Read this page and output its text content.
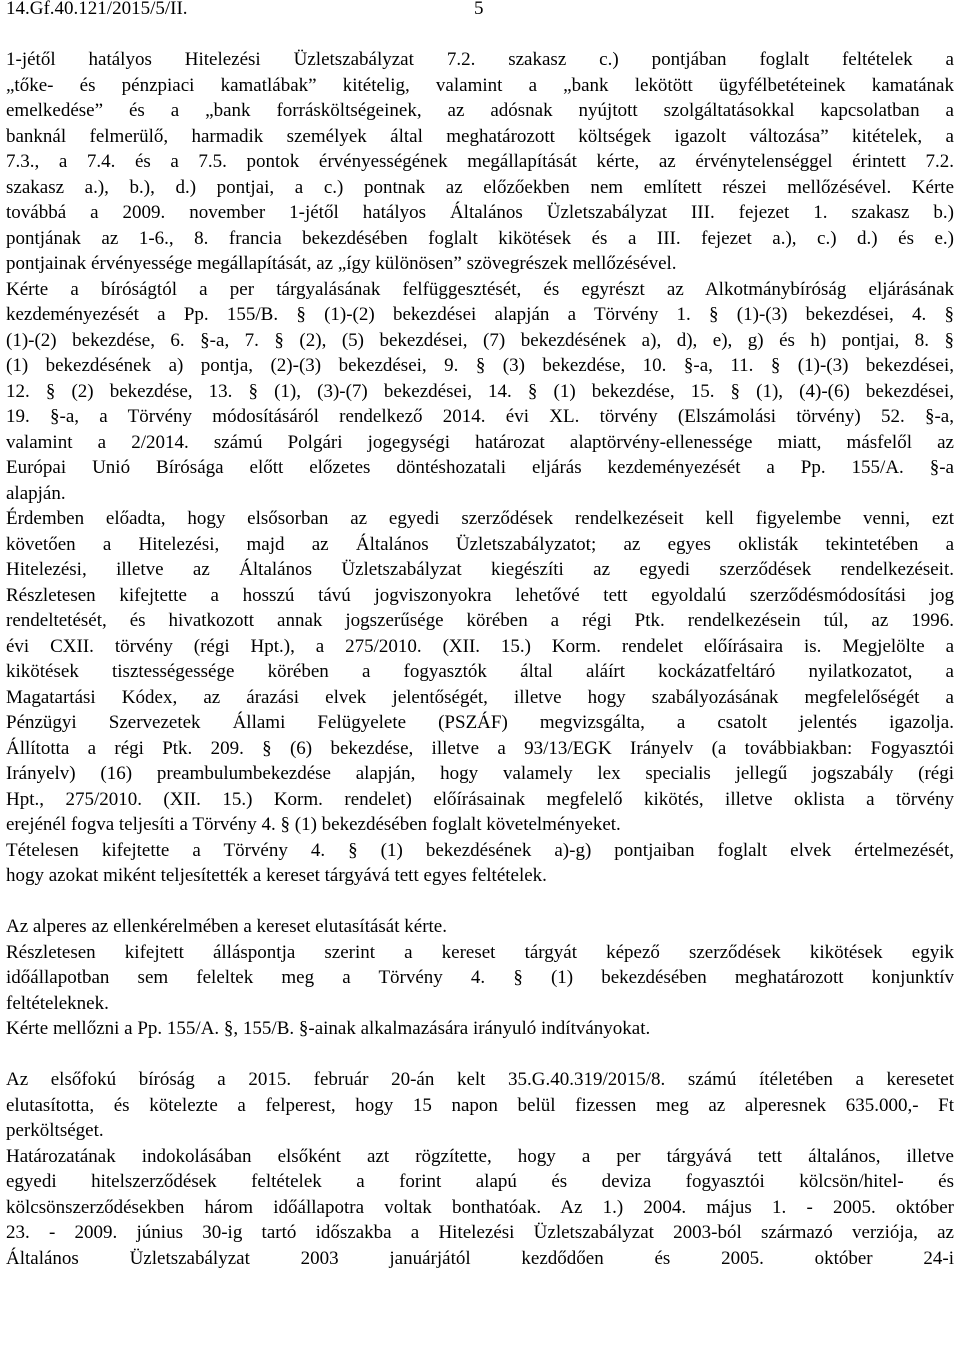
14.Gf.40.121/2015/5/II.	5
1-jétől hatályos Hitelezési Üzletszabályzat 7.2. szakasz c.) pontjában foglalt feltételek a
„tőke- és pénzpiaci kamatlábak” kitételig, valamint a „bank lekötött ügyfélbetéteinek kamatának
emelkedése” és a „bank forrásköltségeinek, az adósnak nyújtott szolgáltatásokkal kapcsolatban a
banknál felmerülő, harmadik személyek által meghatározott költségek igazolt változása” kitételek, a
7.3., a 7.4. és a 7.5. pontok érvényességének megállapítását kérte, az érvénytelenséggel érintett 7.2.
szakasz a.), b.), d.) pontjai, a c.) pontnak az előzőekben nem említett részei mellőzésével. Kérte
továbbá a 2009. november 1-jétől hatályos Általános Üzletszabályzat III. fejezet 1. szakasz b.)
pontjának az 1-6., 8. francia bekezdésében foglalt kikötések és a III. fejezet a.), c.) d.) és e.)
pontjainak érvényessége megállapítását, az „így különösen” szövegrészek mellőzésével.
Kérte a bíróságtól a per tárgyalásának felfüggesztését, és egyrészt az Alkotmánybíróság eljárásának
kezdeményezését a Pp. 155/B. § (1)-(2) bekezdései alapján a Törvény 1. § (1)-(3) bekezdései, 4. §
(1)-(2) bekezdése, 6. §-a, 7. § (2), (5) bekezdései, (7) bekezdésének a), d), e), g) és h) pontjai, 8. §
(1) bekezdésének a) pontja, (2)-(3) bekezdései, 9. § (3) bekezdése, 10. §-a, 11. § (1)-(3) bekezdései,
12. § (2) bekezdése, 13. § (1), (3)-(7) bekezdései, 14. § (1) bekezdése, 15. § (1), (4)-(6) bekezdései,
19. §-a, a Törvény módosításáról rendelkező 2014. évi XL. törvény (Elszámolási törvény) 52. §-a,
valamint a 2/2014. számú Polgári jogegységi határozat alaptörvény-ellenessége miatt, másfelől az
Európai Unió Bírósága előtt előzetes döntéshozatali eljárás kezdeményezését a Pp. 155/A. §-a
alapján.
Érdemben előadta, hogy elsősorban az egyedi szerződések rendelkezéseit kell figyelembe venni, ezt
követően a Hitelezési, majd az Általános Üzletszabályzatot; az egyes oklisták tekintetében a
Hitelezési, illetve az Általános Üzletszabályzat kiegészíti az egyedi szerződések rendelkezéseit.
Részletesen kifejtette a hosszú távú jogviszonyokra lehetővé tett egyoldalú szerződésmódosítási jog
rendeltetését, és hivatkozott annak jogszerűsége körében a régi Ptk. rendelkezésein túl, az 1996.
évi CXII. törvény (régi Hpt.), a 275/2010. (XII. 15.) Korm. rendelet előírásaira is. Megjelölte a
kikötések tisztességessége körében a fogyasztók által aláírt kockázatfeltáró nyilatkozatot, a
Magatartási Kódex, az árazási elvek jelentőségét, illetve hogy szabályozásának megfelelőségét a
Pénzügyi Szervezetek Állami Felügyelete (PSZÁF) megvizsgálta, a csatolt jelentés igazolja.
Állította a régi Ptk. 209. § (6) bekezdése, illetve a 93/13/EGK Irányelv (a továbbiakban: Fogyasztói
Irányelv) (16) preambulumbekezdése alapján, hogy valamely lex specialis jellegű jogszabály (régi
Hpt., 275/2010. (XII. 15.) Korm. rendelet) előírásainak megfelelő kikötés, illetve oklista a törvény
erejénél fogva teljesíti a Törvény 4. § (1) bekezdésében foglalt követelményeket.
Tételesen kifejtette a Törvény 4. § (1) bekezdésének a)-g) pontjaiban foglalt elvek értelmezését,
hogy azokat miként teljesítették a kereset tárgyává tett egyes feltételek.
Az alperes az ellenkérelmében a kereset elutasítását kérte.
Részletesen kifejtett álláspontja szerint a kereset tárgyát képező szerződések kikötések egyik
időállapotban sem feleltek meg a Törvény 4. § (1) bekezdésében meghatározott konjunktív
feltételeknek.
Kérte mellőzni a Pp. 155/A. §, 155/B. §-ainak alkalmazására irányuló indítványokat.
Az elsőfokú bíróság a 2015. február 20-án kelt 35.G.40.319/2015/8. számú ítéletében a keresetet
elutasította, és kötelezte a felperest, hogy 15 napon belül fizessen meg az alperesnek 635.000,- Ft
perköltséget.
Határozatának indokolásában elsőként azt rögzítette, hogy a per tárgyává tett általános, illetve
egyedi hitelszerződések feltételek a forint alapú és deviza fogyasztói kölcsön/hitel- és
kölcsönszerződésekben három időállapotra voltak bonthatóak. Az 1.) 2004. május 1. - 2005. október
23. - 2009. június 30-ig tartó időszakba a Hitelezési Üzletszabályzat 2003-ból származó verziója, az
Általános Üzletszabályzat 2003 januárjától kezdődően és 2005. október 24-i
